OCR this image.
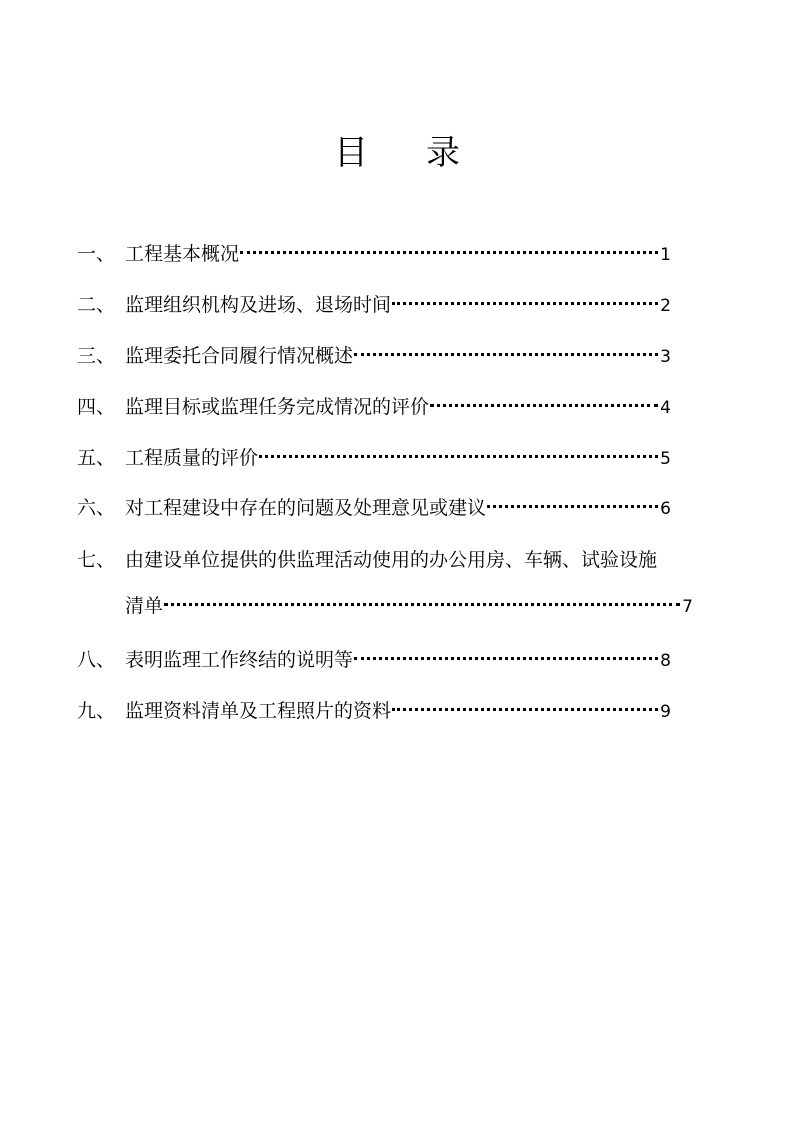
目录
一、 工程基本概况	1
二、 监理组织机构及进场、退场时间	2
三、 监理委托合同履行情况概述	3
四、 监理目标或监理任务完成情况的评价	4
五、 工程质量的评价	5
六、 对工程建设中存在的问题及处理意见或建议	6
七、 由建设单位提供的供监理活动使用的办公用房、车辆、试验设施
清单	7
八、 表明监理工作终结的说明等	8
九、 监理资料清单及工程照片的资料	9
